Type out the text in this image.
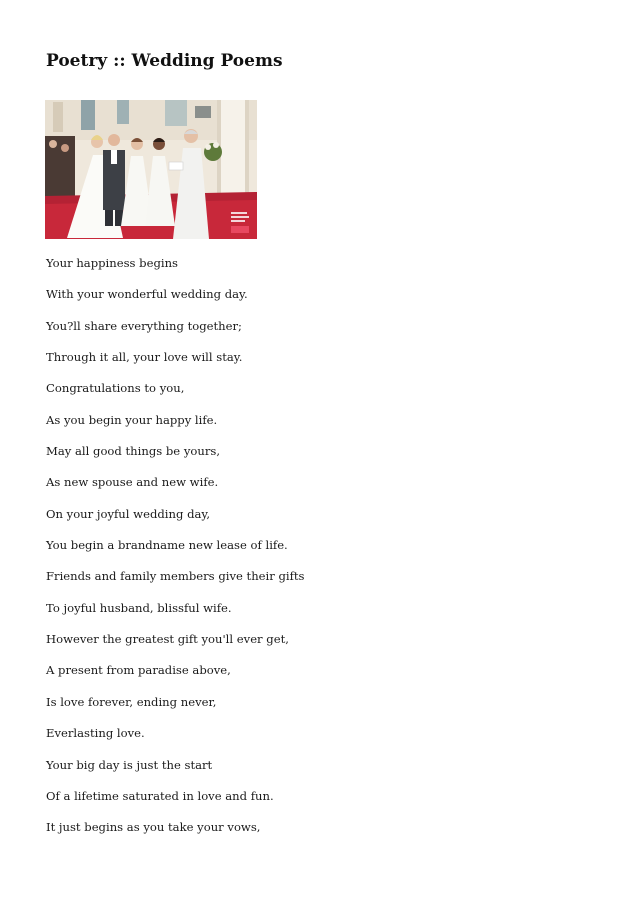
Poetry :: Wedding Poems
Your happiness begins
With your wonderful wedding day.
You?ll share everything together;
Through it all, your love will stay.
Congratulations to you,
As you begin your happy life.
May all good things be yours,
As new spouse and new wife.
On your joyful wedding day,
You begin a brandname new lease of life.
Friends and family members give their gifts
To joyful husband, blissful wife.
However the greatest gift you'll ever get,
A present from paradise above,
Is love forever, ending never,
Everlasting love.
Your big day is just the start
Of a lifetime saturated in love and fun.
It just begins as you take your vows,
